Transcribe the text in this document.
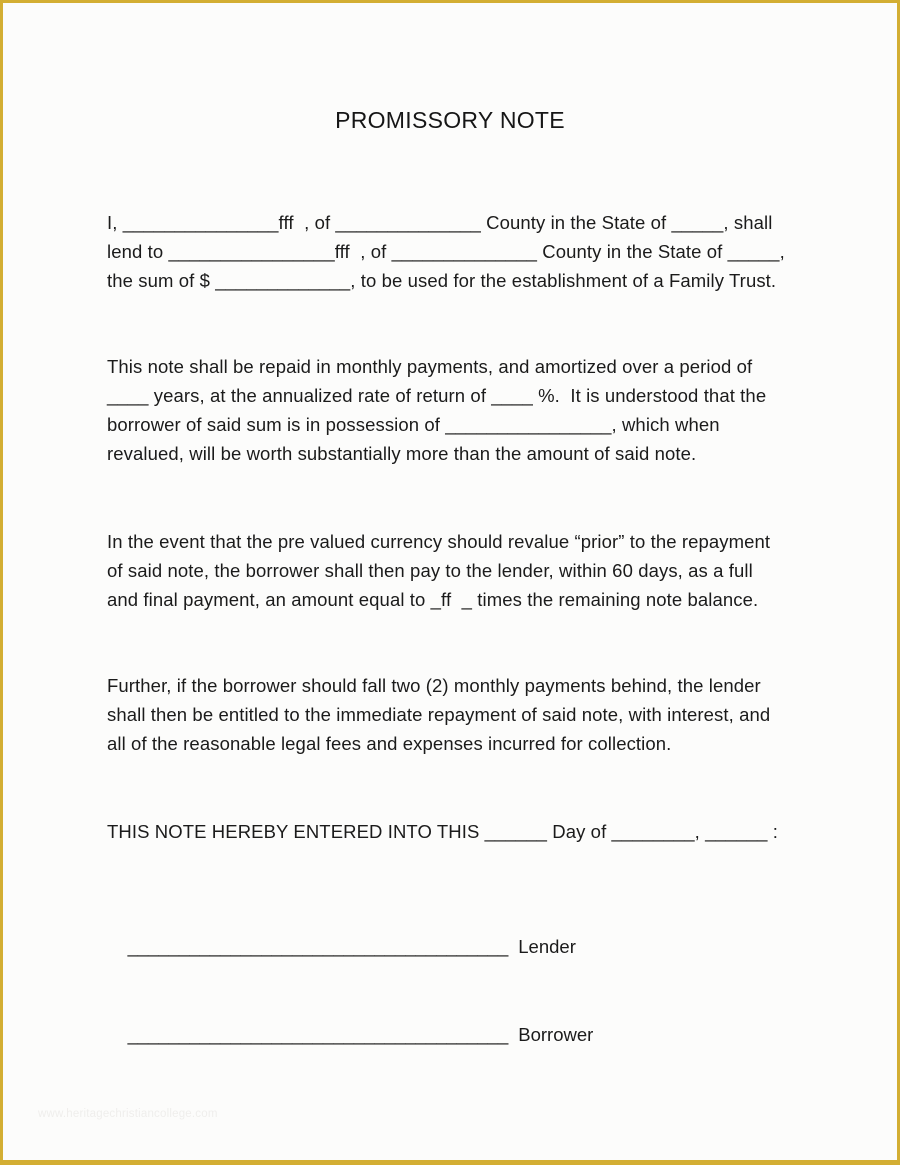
PROMISSORY NOTE
I, _______________fff  , of ______________ County in the State of _____, shall
lend to ________________fff  , of ______________ County in the State of _____,
the sum of $ _____________, to be used for the establishment of a Family Trust.
This note shall be repaid in monthly payments, and amortized over a period of
____ years, at the annualized rate of return of ____ %.  It is understood that the
borrower of said sum is in possession of ________________, which when
revalued, will be worth substantially more than the amount of said note.
In the event that the pre valued currency should revalue “prior” to the repayment
of said note, the borrower shall then pay to the lender, within 60 days, as a full
and final payment, an amount equal to _ff  _ times the remaining note balance.
Further, if the borrower should fall two (2) monthly payments behind, the lender
shall then be entitled to the immediate repayment of said note, with interest, and
all of the reasonable legal fees and expenses incurred for collection.
THIS NOTE HEREBY ENTERED INTO THIS ______ Day of ________, ______ :

_____________________________________ Lender

_____________________________________ Borrower

www.heritagechristiancollege.com
